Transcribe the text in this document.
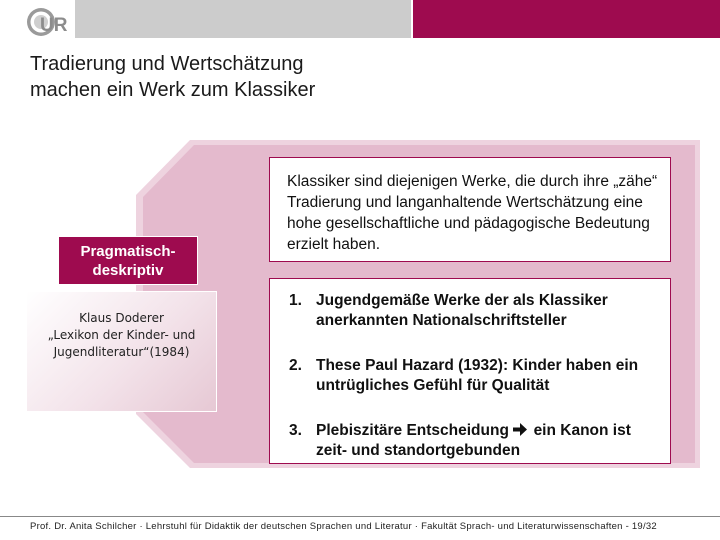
UR
Tradierung und Wertschätzung
machen ein Werk zum Klassiker
Pragmatisch-
deskriptiv
Klaus Doderer
„Lexikon der Kinder- und
Jugendliteratur“(1984)
Klassiker sind diejenigen Werke, die durch ihre „zähe“ Tradierung und langanhaltende Wertschätzung eine hohe gesellschaftliche und pädagogische Bedeutung erzielt haben.
1. Jugendgemäße Werke der als Klassiker anerkannten Nationalschriftsteller
2. These Paul Hazard (1932): Kinder haben ein untrügliches Gefühl für Qualität
3. Plebiszitäre Entscheidung ein Kanon ist zeit- und standortgebunden
Prof. Dr. Anita Schilcher · Lehrstuhl für Didaktik der deutschen Sprachen und Literatur · Fakultät Sprach- und Literaturwissenschaften - 19/32
